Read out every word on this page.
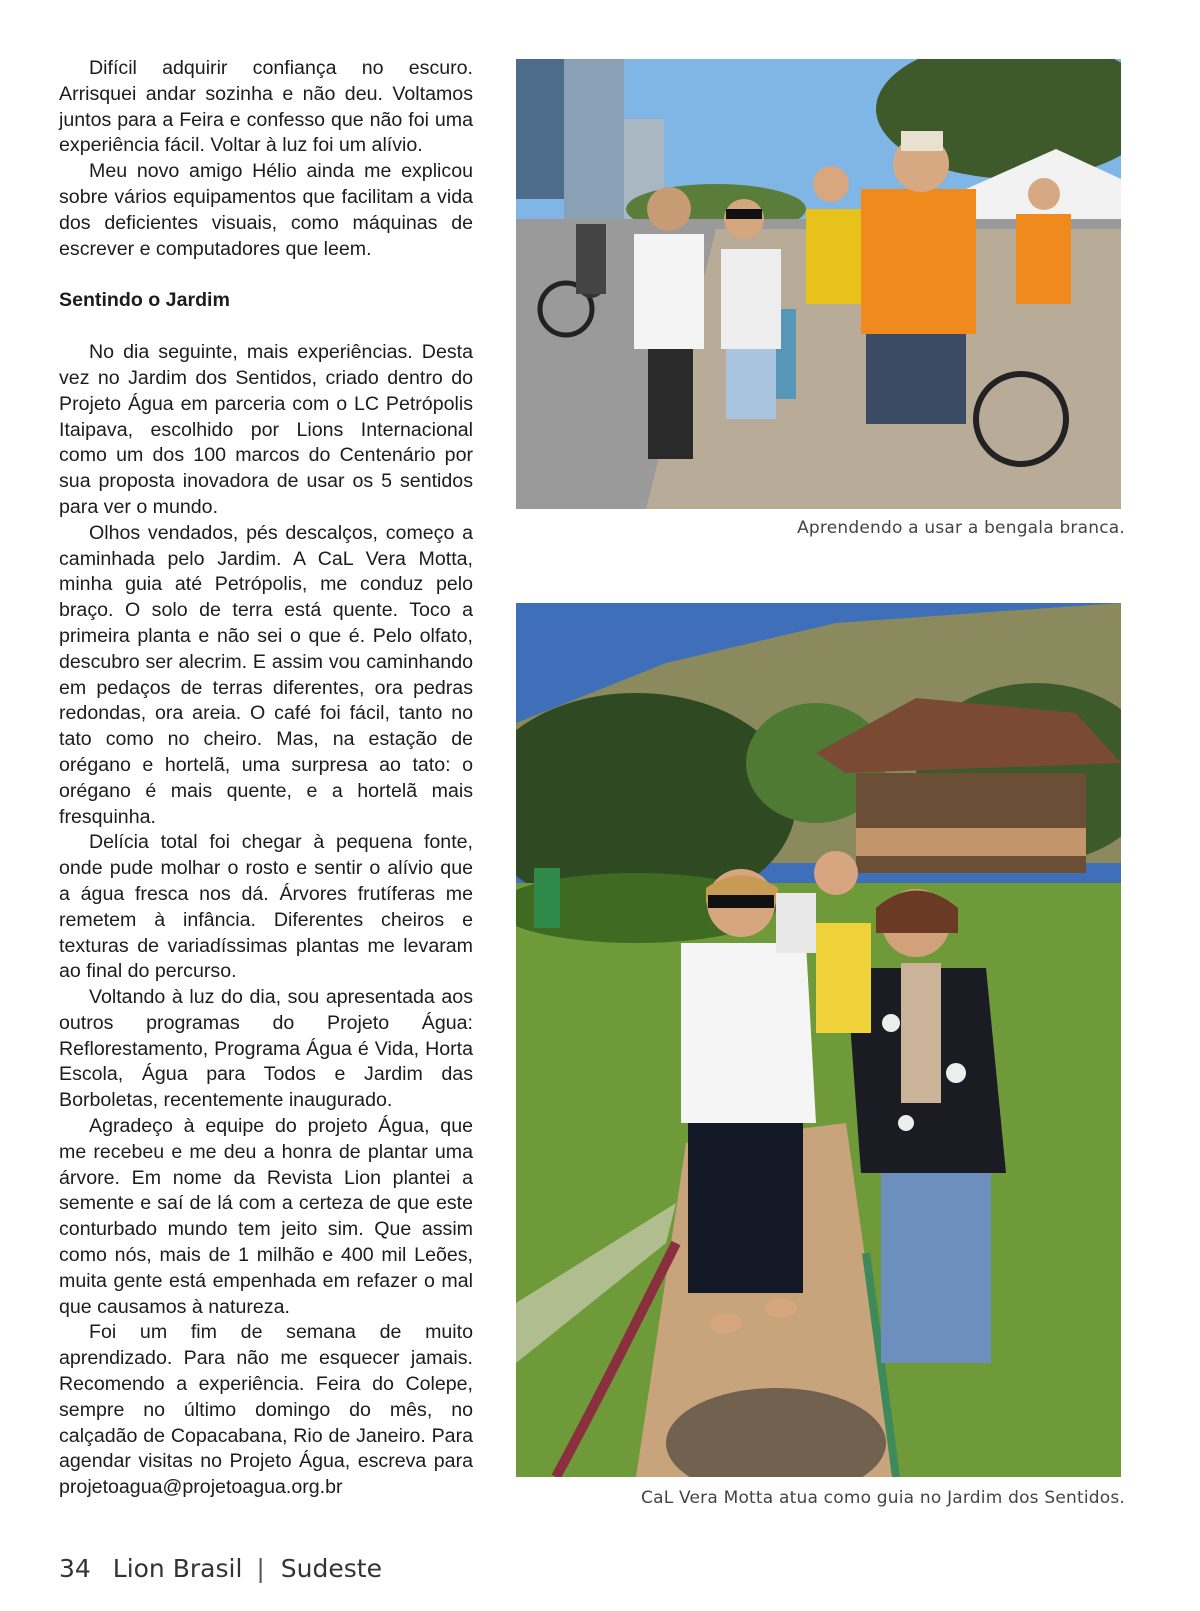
Difícil adquirir confiança no escuro. Arrisquei andar sozinha e não deu. Voltamos juntos para a Feira e confesso que não foi uma experiência fácil. Voltar à luz foi um alívio.

Meu novo amigo Hélio ainda me explicou sobre vários equipamentos que facilitam a vida dos deficientes visuais, como máquinas de escrever e computadores que leem.

Sentindo o Jardim

No dia seguinte, mais experiências. Desta vez no Jardim dos Sentidos, criado dentro do Projeto Água em parceria com o LC Petrópolis Itaipava, escolhido por Lions Internacional como um dos 100 marcos do Centenário por sua proposta inovadora de usar os 5 sentidos para ver o mundo.

Olhos vendados, pés descalços, começo a caminhada pelo Jardim. A CaL Vera Motta, minha guia até Petrópolis, me conduz pelo braço. O solo de terra está quente. Toco a primeira planta e não sei o que é. Pelo olfato, descubro ser alecrim. E assim vou caminhando em pedaços de terras diferentes, ora pedras redondas, ora areia. O café foi fácil, tanto no tato como no cheiro. Mas, na estação de orégano e hortelã, uma surpresa ao tato: o orégano é mais quente, e a hortelã mais fresquinha.

Delícia total foi chegar à pequena fonte, onde pude molhar o rosto e sentir o alívio que a água fresca nos dá. Árvores frutíferas me remetem à infância. Diferentes cheiros e texturas de variadíssimas plantas me levaram ao final do percurso.

Voltando à luz do dia, sou apresentada aos outros programas do Projeto Água: Reflorestamento, Programa Água é Vida, Horta Escola, Água para Todos e Jardim das Borboletas, recentemente inaugurado.

Agradeço à equipe do projeto Água, que me recebeu e me deu a honra de plantar uma árvore. Em nome da Revista Lion plantei a semente e saí de lá com a certeza de que este conturbado mundo tem jeito sim. Que assim como nós, mais de 1 milhão e 400 mil Leões, muita gente está empenhada em refazer o mal que causamos à natureza.

Foi um fim de semana de muito aprendizado. Para não me esquecer jamais. Recomendo a experiência. Feira do Colepe, sempre no último domingo do mês, no calçadão de Copacabana, Rio de Janeiro. Para agendar visitas no Projeto Água, escreva para projetoagua@projetoagua.org.br

Aprendendo a usar a bengala branca.
CaL Vera Motta atua como guia no Jardim dos Sentidos.
34 Lion Brasil | Sudeste
